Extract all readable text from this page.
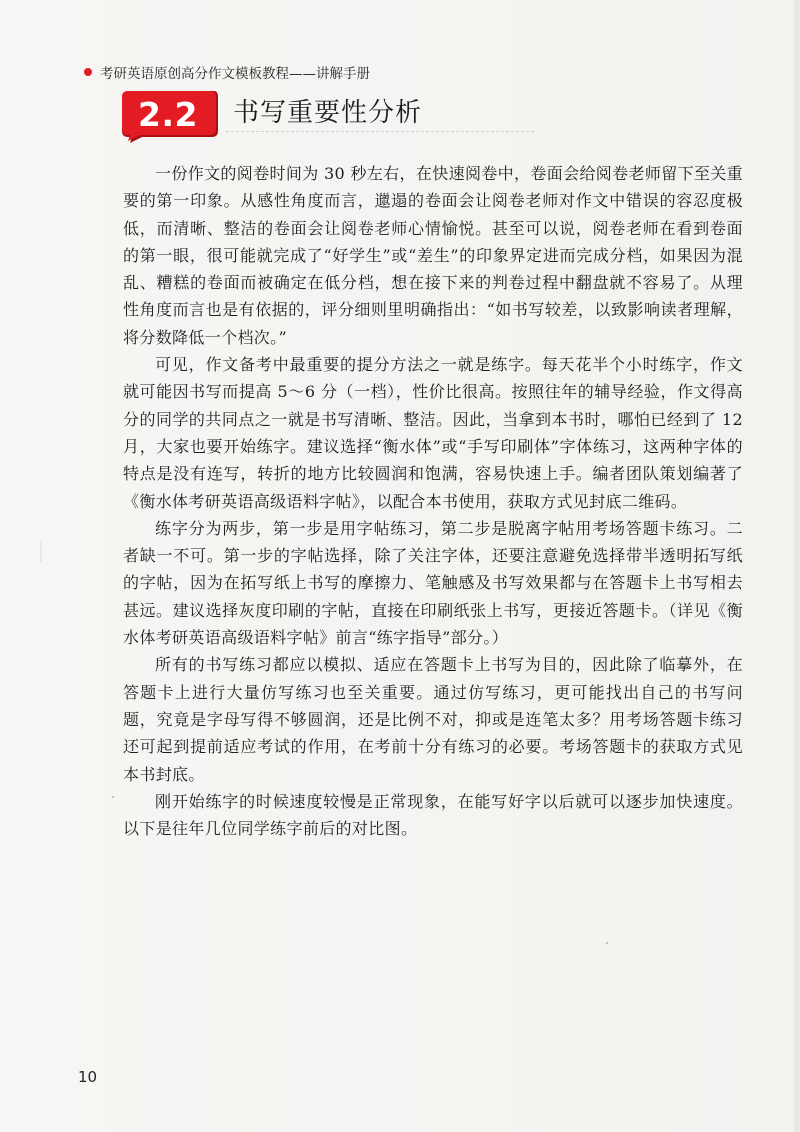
考研英语原创高分作文模板教程——讲解手册
2.2	书写重要性分析

一份作文的阅卷时间为 30 秒左右，在快速阅卷中，卷面会给阅卷老师留下至关重要的第一印象。从感性角度而言，邋遢的卷面会让阅卷老师对作文中错误的容忍度极低，而清晰、整洁的卷面会让阅卷老师心情愉悦。甚至可以说，阅卷老师在看到卷面的第一眼，很可能就完成了“好学生”或“差生”的印象界定进而完成分档，如果因为混乱、糟糕的卷面而被确定在低分档，想在接下来的判卷过程中翻盘就不容易了。从理性角度而言也是有依据的，评分细则里明确指出：“如书写较差，以致影响读者理解，将分数降低一个档次。”

可见，作文备考中最重要的提分方法之一就是练字。每天花半个小时练字，作文就可能因书写而提高 5～6 分（一档），性价比很高。按照往年的辅导经验，作文得高分的同学的共同点之一就是书写清晰、整洁。因此，当拿到本书时，哪怕已经到了 12 月，大家也要开始练字。建议选择“衡水体”或“手写印刷体”字体练习，这两种字体的特点是没有连写，转折的地方比较圆润和饱满，容易快速上手。编者团队策划编著了《衡水体考研英语高级语料字帖》，以配合本书使用，获取方式见封底二维码。

练字分为两步，第一步是用字帖练习，第二步是脱离字帖用考场答题卡练习。二者缺一不可。第一步的字帖选择，除了关注字体，还要注意避免选择带半透明拓写纸的字帖，因为在拓写纸上书写的摩擦力、笔触感及书写效果都与在答题卡上书写相去甚远。建议选择灰度印刷的字帖，直接在印刷纸张上书写，更接近答题卡。（详见《衡水体考研英语高级语料字帖》前言“练字指导”部分。）

所有的书写练习都应以模拟、适应在答题卡上书写为目的，因此除了临摹外，在答题卡上进行大量仿写练习也至关重要。通过仿写练习，更可能找出自己的书写问题，究竟是字母写得不够圆润，还是比例不对，抑或是连笔太多？用考场答题卡练习还可起到提前适应考试的作用，在考前十分有练习的必要。考场答题卡的获取方式见本书封底。

刚开始练字的时候速度较慢是正常现象，在能写好字以后就可以逐步加快速度。以下是往年几位同学练字前后的对比图。

10
